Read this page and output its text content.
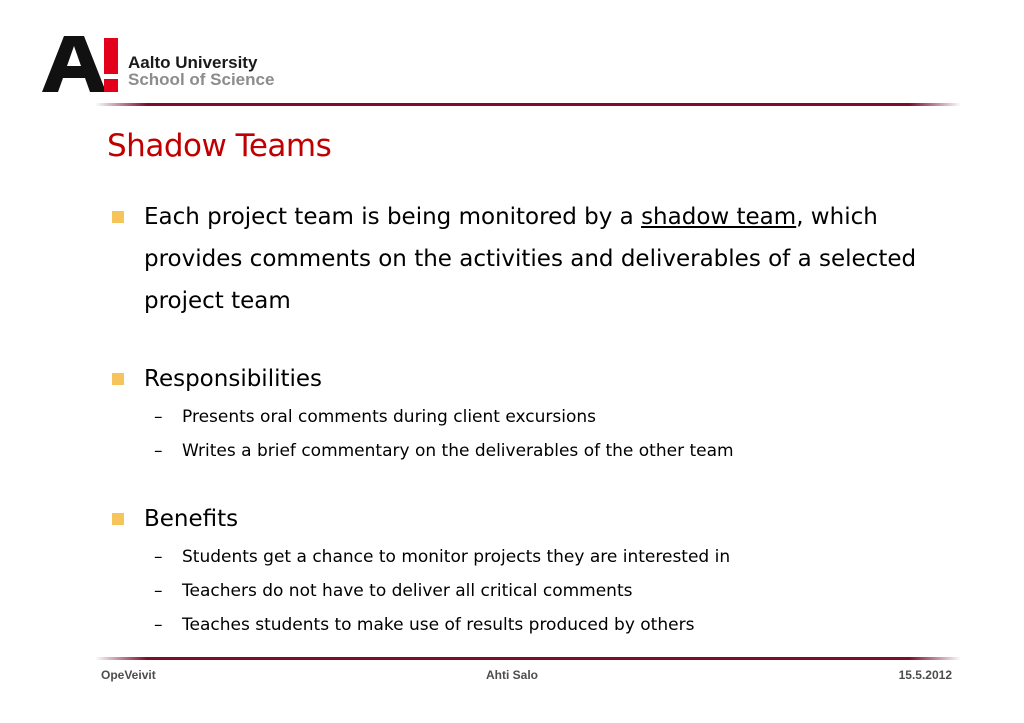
Aalto University
School of Science
Shadow Teams
Each project team is being monitored by a shadow team, which provides comments on the activities and deliverables of a selected project team
Responsibilities
– Presents oral comments during client excursions
– Writes a brief commentary on the deliverables of the other team
Benefits
– Students get a chance to monitor projects they are interested in
– Teachers do not have to deliver all critical comments
– Teaches students to make use of results produced by others
OpeVeivit	Ahti Salo	15.5.2012
